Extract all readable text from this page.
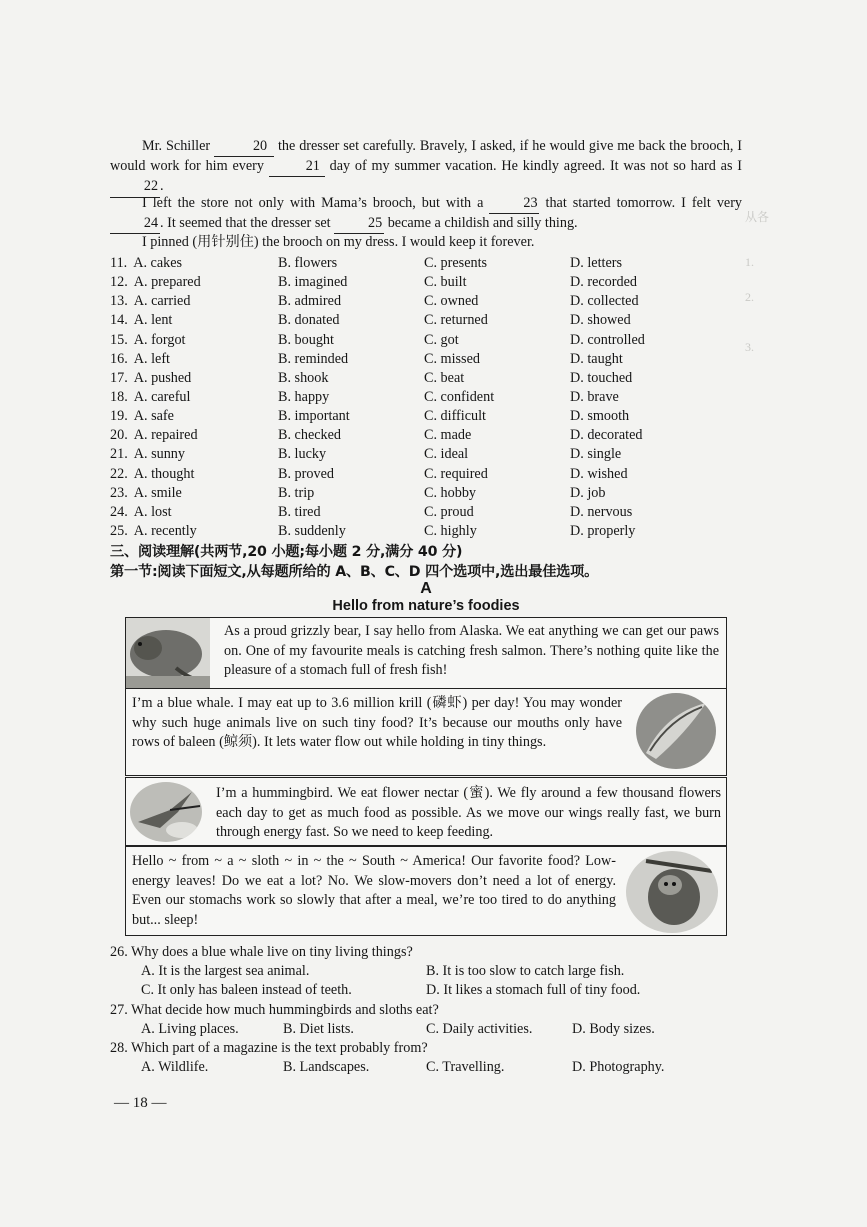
从各
1.
2.
3.
Mr. Schiller	20 the dresser set carefully. Bravely, I asked, if he would give me back the brooch, I would work for him every	21 day of my summer vacation. He kindly agreed. It was not so hard as I 22 .
I left the store not only with Mama’s brooch, but with a	23 that started tomorrow. I felt very 24 . It seemed that the dresser set	25 became a childish and silly thing.
I pinned (用针别住) the brooch on my dress. I would keep it forever.
11. A. cakes	B. flowers	C. presents	D. letters
12. A. prepared	B. imagined	C. built	D. recorded
13. A. carried	B. admired	C. owned	D. collected
14. A. lent	B. donated	C. returned	D. showed
15. A. forgot	B. bought	C. got	D. controlled
16. A. left	B. reminded	C. missed	D. taught
17. A. pushed	B. shook	C. beat	D. touched
18. A. careful	B. happy	C. confident	D. brave
19. A. safe	B. important	C. difficult	D. smooth
20. A. repaired	B. checked	C. made	D. decorated
21. A. sunny	B. lucky	C. ideal	D. single
22. A. thought	B. proved	C. required	D. wished
23. A. smile	B. trip	C. hobby	D. job
24. A. lost	B. tired	C. proud	D. nervous
25. A. recently	B. suddenly	C. highly	D. properly
三、阅读理解(共两节,20 小题;每小题 2 分,满分 40 分)
第一节:阅读下面短文,从每题所给的 A、B、C、D 四个选项中,选出最佳选项。
A
Hello from nature’s foodies
As a proud grizzly bear, I say hello from Alaska. We eat anything we can get our paws on. One of my favourite meals is catching fresh salmon. There’s nothing quite like the pleasure of a stomach full of fresh fish!
I’m a blue whale. I may eat up to 3.6 million krill (磷虾) per day! You may wonder why such huge animals live on such tiny food? It’s because our mouths only have rows of baleen (鲸须). It lets water flow out while holding in tiny things.
I’m a hummingbird. We eat flower nectar (蜜). We fly around a few thousand flowers each day to get as much food as possible. As we move our wings really fast, we burn through energy fast. So we need to keep feeding.
Hello ~ from ~ a ~ sloth ~ in ~ the ~ South ~ America! Our favorite food? Low-energy leaves! Do we eat a lot? No. We slow-movers don’t need a lot of energy. Even our stomachs work so slowly that after a meal, we’re too tired to do anything but... sleep!
26. Why does a blue whale live on tiny living things?
A. It is the largest sea animal.	B. It is too slow to catch large fish.
C. It only has baleen instead of teeth.	D. It likes a stomach full of tiny food.
27. What decide how much hummingbirds and sloths eat?
A. Living places.	B. Diet lists.	C. Daily activities.	D. Body sizes.
28. Which part of a magazine is the text probably from?
A. Wildlife.	B. Landscapes.	C. Travelling.	D. Photography.
— 18 —
